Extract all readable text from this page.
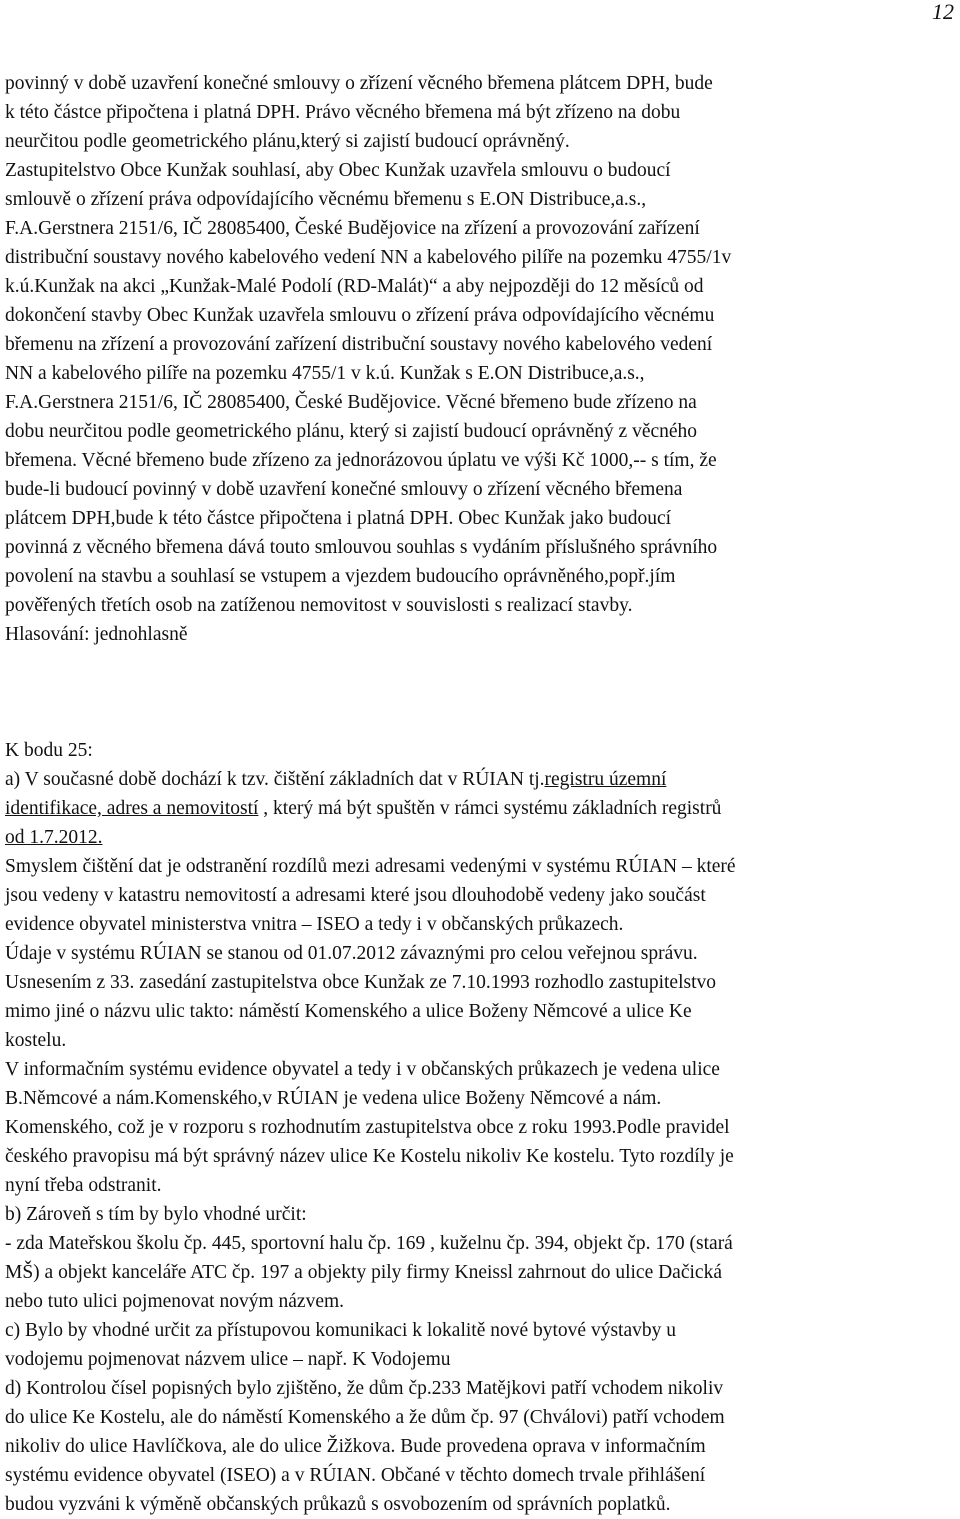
12
povinný v době uzavření konečné smlouvy o zřízení věcného břemena plátcem DPH, bude
k této částce připočtena i platná DPH. Právo věcného břemena má být zřízeno na dobu
neurčitou podle geometrického plánu,který si zajistí budoucí oprávněný.
Zastupitelstvo Obce Kunžak souhlasí, aby Obec Kunžak uzavřela smlouvu o budoucí
smlouvě o zřízení práva odpovídajícího věcnému břemenu s E.ON Distribuce,a.s.,
F.A.Gerstnera 2151/6, IČ 28085400, České Budějovice na zřízení a provozování zařízení
distribuční soustavy nového kabelového vedení NN a kabelového pilíře na pozemku 4755/1v
k.ú.Kunžak na akci „Kunžak-Malé Podolí (RD-Malát)“ a aby nejpozději do 12 měsíců od
dokončení stavby Obec Kunžak uzavřela smlouvu o zřízení práva odpovídajícího věcnému
břemenu na zřízení a provozování zařízení distribuční soustavy nového kabelového vedení
NN a kabelového pilíře na pozemku 4755/1 v k.ú. Kunžak s E.ON Distribuce,a.s.,
F.A.Gerstnera 2151/6, IČ 28085400, České Budějovice. Věcné břemeno bude zřízeno na
dobu neurčitou podle geometrického plánu, který si zajistí budoucí oprávněný z věcného
břemena. Věcné břemeno bude zřízeno za jednorázovou úplatu ve výši Kč 1000,-- s tím, že
bude-li budoucí povinný v době uzavření konečné smlouvy o zřízení věcného břemena
plátcem DPH,bude k této částce připočtena i platná DPH. Obec Kunžak jako budoucí
povinná z věcného břemena dává touto smlouvou souhlas s vydáním příslušného správního
povolení na stavbu a souhlasí se vstupem a vjezdem budoucího oprávněného,popř.jím
pověřených třetích osob na zatíženou nemovitost v souvislosti s realizací stavby.
Hlasování: jednohlasně
K bodu 25:
a) V současné době dochází k tzv. čištění základních dat v RÚIAN tj.registru územní
identifikace, adres a nemovitostí , který má být spuštěn v rámci systému základních registrů
od 1.7.2012.
Smyslem čištění dat je odstranění rozdílů mezi adresami vedenými v systému RÚIAN – které
jsou vedeny v katastru nemovitostí a adresami které jsou dlouhodobě vedeny jako součást
evidence obyvatel ministerstva vnitra – ISEO a tedy i v občanských průkazech.
Údaje v systému RÚIAN se stanou od 01.07.2012 závaznými pro celou veřejnou správu.
Usnesením z 33. zasedání zastupitelstva obce Kunžak ze 7.10.1993 rozhodlo zastupitelstvo
mimo jiné o názvu ulic takto: náměstí Komenského a ulice Boženy Němcové a ulice Ke
kostelu.
V informačním systému evidence obyvatel a tedy i v občanských průkazech je vedena ulice
B.Němcové a nám.Komenského,v RÚIAN je vedena ulice Boženy Němcové a nám.
Komenského, což je v rozporu s rozhodnutím zastupitelstva obce z roku 1993.Podle pravidel
českého pravopisu má být správný název ulice Ke Kostelu nikoliv Ke kostelu. Tyto rozdíly je
nyní třeba odstranit.
b) Zároveň s tím by bylo vhodné určit:
- zda Mateřskou školu čp. 445, sportovní halu čp. 169 , kuželnu čp. 394, objekt čp. 170 (stará
MŠ) a objekt kanceláře ATC čp. 197 a objekty pily firmy Kneissl zahrnout do ulice Dačická
nebo tuto ulici pojmenovat novým názvem.
c) Bylo by vhodné určit za přístupovou komunikaci k lokalitě nové bytové výstavby u
vodojemu pojmenovat názvem ulice – např. K Vodojemu
d) Kontrolou čísel popisných bylo zjištěno, že dům čp.233 Matějkovi patří vchodem nikoliv
do ulice Ke Kostelu, ale do náměstí Komenského a že dům čp. 97 (Chválovi) patří vchodem
nikoliv do ulice Havlíčkova, ale do ulice Žižkova. Bude provedena oprava v informačním
systému evidence obyvatel (ISEO) a v RÚIAN. Občané v těchto domech trvale přihlášení
budou vyzváni k výměně občanských průkazů s osvobozením od správních poplatků.
